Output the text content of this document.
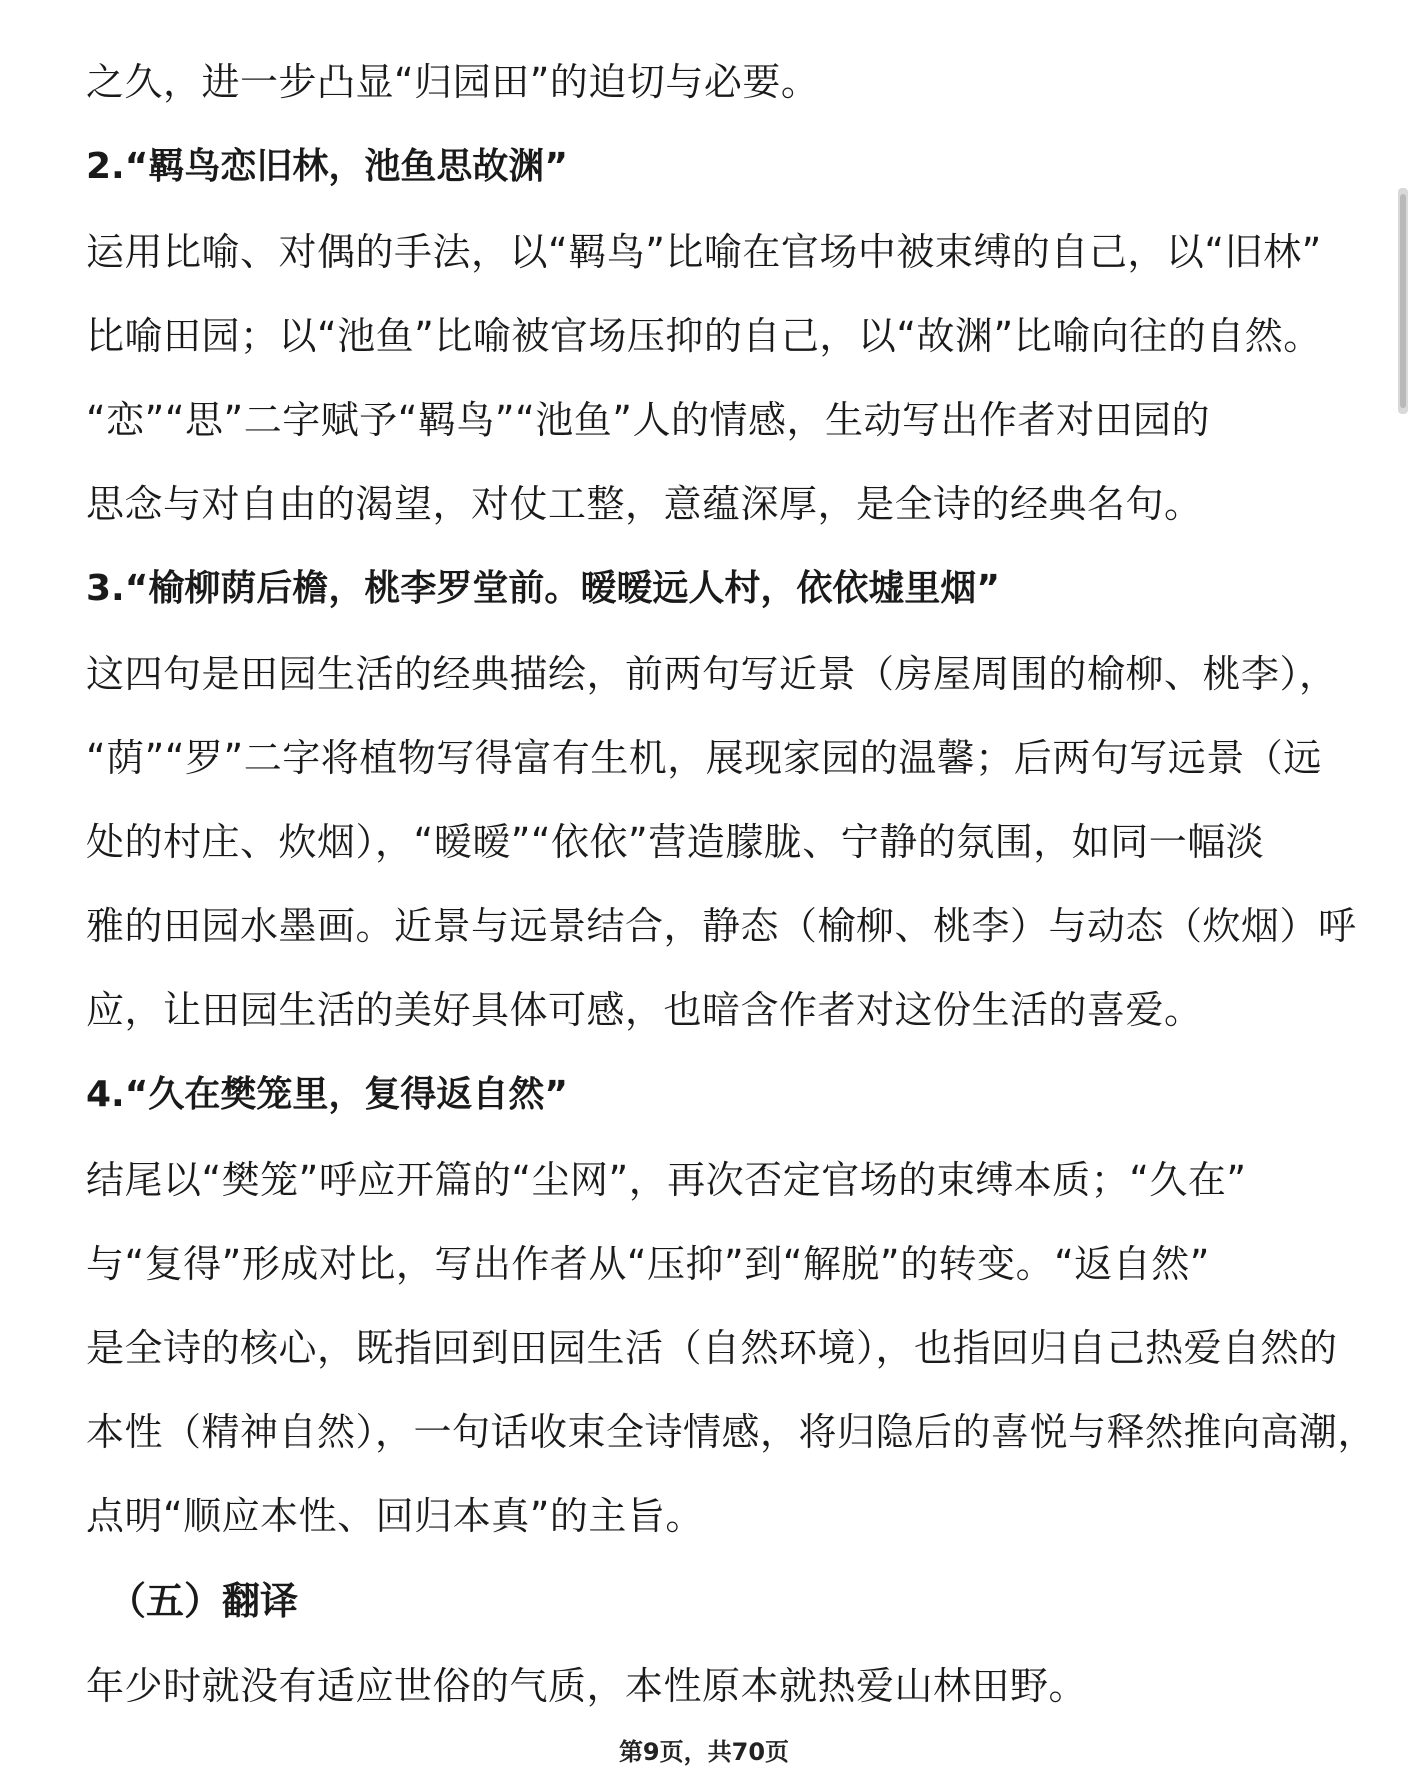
之久，进一步凸显“归园田”的迫切与必要。
2.“羁鸟恋旧林，池鱼思故渊”
运用比喻、对偶的手法，以“羁鸟”比喻在官场中被束缚的自己，以“旧林”
比喻田园；以“池鱼”比喻被官场压抑的自己，以“故渊”比喻向往的自然。
“恋”“思”二字赋予“羁鸟”“池鱼”人的情感，生动写出作者对田园的
思念与对自由的渴望，对仗工整，意蕴深厚，是全诗的经典名句。
3.“榆柳荫后檐，桃李罗堂前。暧暧远人村，依依墟里烟”
这四句是田园生活的经典描绘，前两句写近景（房屋周围的榆柳、桃李），
“荫”“罗”二字将植物写得富有生机，展现家园的温馨；后两句写远景（远
处的村庄、炊烟），“暧暧”“依依”营造朦胧、宁静的氛围，如同一幅淡
雅的田园水墨画。近景与远景结合，静态（榆柳、桃李）与动态（炊烟）呼
应，让田园生活的美好具体可感，也暗含作者对这份生活的喜爱。
4.“久在樊笼里，复得返自然”
结尾以“樊笼”呼应开篇的“尘网”，再次否定官场的束缚本质；“久在”
与“复得”形成对比，写出作者从“压抑”到“解脱”的转变。“返自然”
是全诗的核心，既指回到田园生活（自然环境），也指回归自己热爱自然的
本性（精神自然），一句话收束全诗情感，将归隐后的喜悦与释然推向高潮，
点明“顺应本性、回归本真”的主旨。
（五）翻译
年少时就没有适应世俗的气质，本性原本就热爱山林田野。
第9页，共70页
